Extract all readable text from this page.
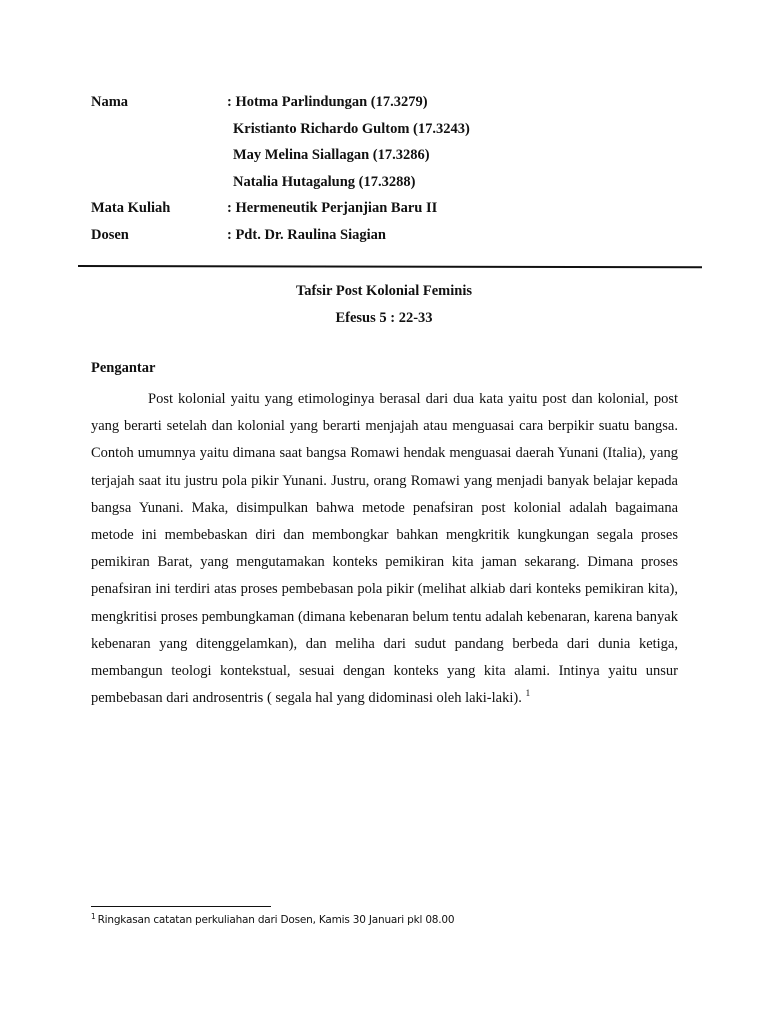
Nama	: Hotma Parlindungan (17.3279)
Kristianto Richardo Gultom (17.3243)
May Melina Siallagan (17.3286)
Natalia Hutagalung (17.3288)
Mata Kuliah	: Hermeneutik Perjanjian Baru II
Dosen	: Pdt. Dr. Raulina Siagian
Tafsir Post Kolonial Feminis
Efesus 5 : 22-33
Pengantar

Post kolonial yaitu yang etimologinya berasal dari dua kata yaitu post dan kolonial, post yang berarti setelah dan kolonial yang berarti menjajah atau menguasai cara berpikir suatu bangsa. Contoh umumnya yaitu dimana saat bangsa Romawi hendak menguasai daerah Yunani (Italia), yang terjajah saat itu justru pola pikir Yunani. Justru, orang Romawi yang menjadi banyak belajar kepada bangsa Yunani. Maka, disimpulkan bahwa metode penafsiran post kolonial adalah bagaimana metode ini membebaskan diri dan membongkar bahkan mengkritik kungkungan segala proses pemikiran Barat, yang mengutamakan konteks pemikiran kita jaman sekarang. Dimana proses penafsiran ini terdiri atas proses pembebasan pola pikir (melihat alkiab dari konteks pemikiran kita), mengkritisi proses pembungkaman (dimana kebenaran belum tentu adalah kebenaran, karena banyak kebenaran yang ditenggelamkan), dan meliha dari sudut pandang berbeda dari dunia ketiga, membangun teologi kontekstual, sesuai dengan konteks yang kita alami. Intinya yaitu unsur pembebasan dari androsentris ( segala hal yang didominasi oleh laki-laki). $^1$

$^1$ Ringkasan catatan perkuliahan dari Dosen, Kamis 30 Januari pkl 08.00
